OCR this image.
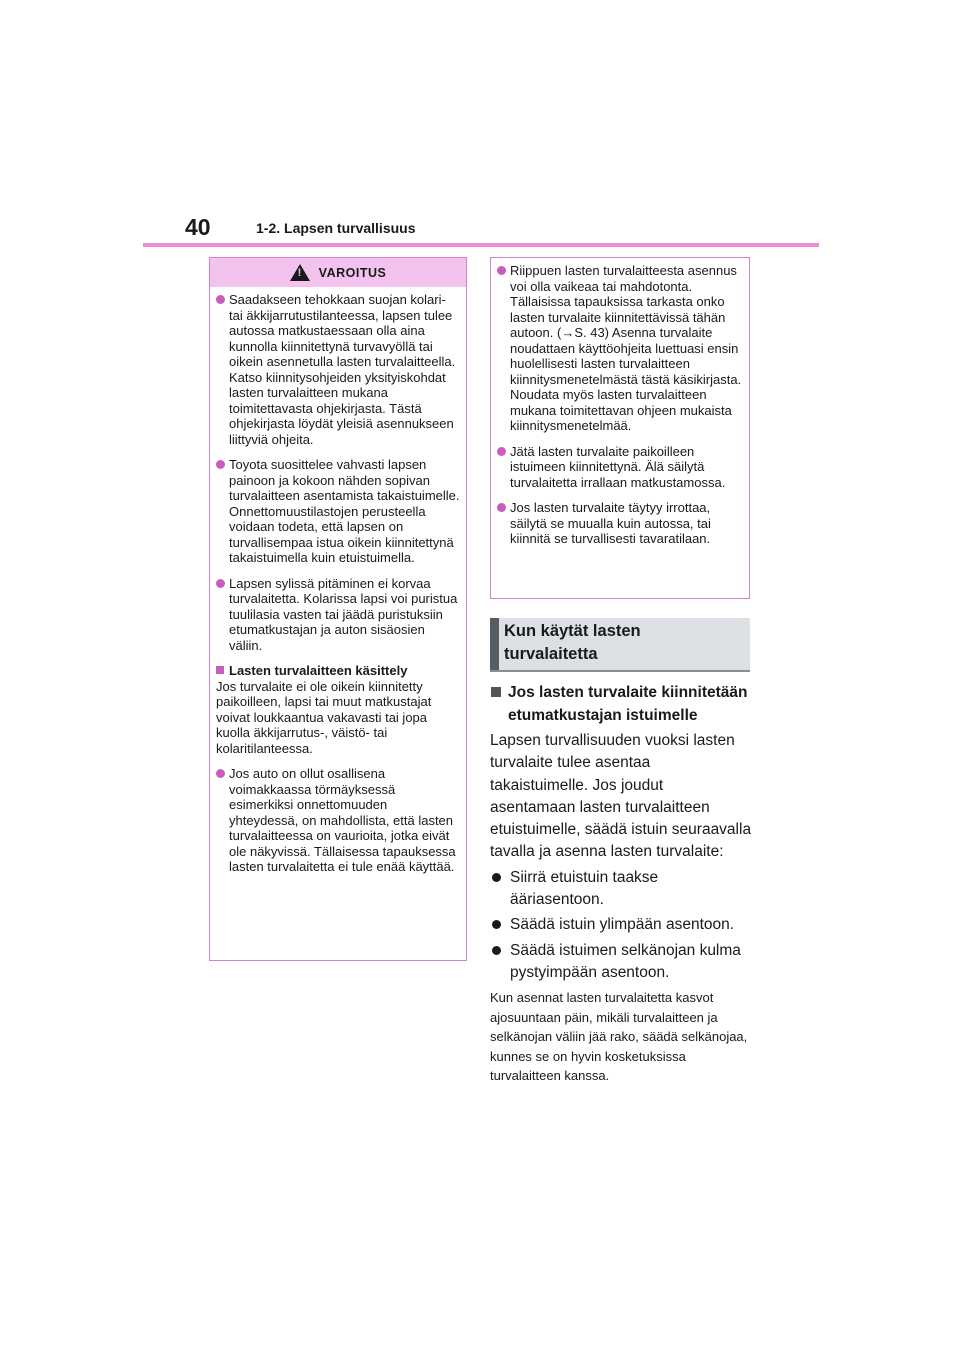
40	1-2. Lapsen turvallisuus
!
VAROITUS
Saadakseen tehokkaan suojan kolari- tai äkkijarrutustilanteessa, lapsen tulee autossa matkustaessaan olla aina kunnolla kiinnitettynä turvavyöllä tai oikein asennetulla lasten turvalaitteella. Katso kiinnitysohjeiden yksityiskohdat lasten turvalaitteen mukana toimitettavasta ohjekirjasta. Tästä ohjekirjasta löydät yleisiä asennukseen liittyviä ohjeita.
Toyota suosittelee vahvasti lapsen painoon ja kokoon nähden sopivan turvalaitteen asentamista takaistuimelle. Onnettomuustilastojen perusteella voidaan todeta, että lapsen on turvallisempaa istua oikein kiinnitettynä takaistuimella kuin etuistuimella.
Lapsen sylissä pitäminen ei korvaa turvalaitetta. Kolarissa lapsi voi puristua tuulilasia vasten tai jäädä puristuksiin etumatkustajan ja auton sisäosien väliin.
Lasten turvalaitteen käsittely
Jos turvalaite ei ole oikein kiinnitetty paikoilleen, lapsi tai muut matkustajat voivat loukkaantua vakavasti tai jopa kuolla äkkijarrutus-, väistö- tai kolaritilanteessa.
Jos auto on ollut osallisena voimakkaassa törmäyksessä esimerkiksi onnettomuuden yhteydessä, on mahdollista, että lasten turvalaitteessa on vaurioita, jotka eivät ole näkyvissä. Tällaisessa tapauksessa lasten turvalaitetta ei tule enää käyttää.
Riippuen lasten turvalaitteesta asennus voi olla vaikeaa tai mahdotonta. Tällaisissa tapauksissa tarkasta onko lasten turvalaite kiinnitettävissä tähän autoon. (→S. 43) Asenna turvalaite noudattaen käyttöohjeita luettuasi ensin huolellisesti lasten turvalaitteen kiinnitysmenetelmästä tästä käsikirjasta. Noudata myös lasten turvalaitteen mukana toimitettavan ohjeen mukaista kiinnitysmenetelmää.
Jätä lasten turvalaite paikoilleen istuimeen kiinnitettynä. Älä säilytä turvalaitetta irrallaan matkustamossa.
Jos lasten turvalaite täytyy irrottaa, säilytä se muualla kuin autossa, tai kiinnitä se turvallisesti tavaratilaan.
Kun käytät lasten
turvalaitetta
Jos lasten turvalaite kiinnitetään etumatkustajan istuimelle
Lapsen turvallisuuden vuoksi lasten turvalaite tulee asentaa takaistuimelle. Jos joudut asentamaan lasten turvalaitteen etuistuimelle, säädä istuin seuraavalla tavalla ja asenna lasten turvalaite:
Siirrä etuistuin taakse ääriasentoon.
Säädä istuin ylimpään asentoon.
Säädä istuimen selkänojan kulma pystyimpään asentoon.
Kun asennat lasten turvalaitetta kasvot ajosuuntaan päin, mikäli turvalaitteen ja selkänojan väliin jää rako, säädä selkänojaa, kunnes se on hyvin kosketuksissa turvalaitteen kanssa.
